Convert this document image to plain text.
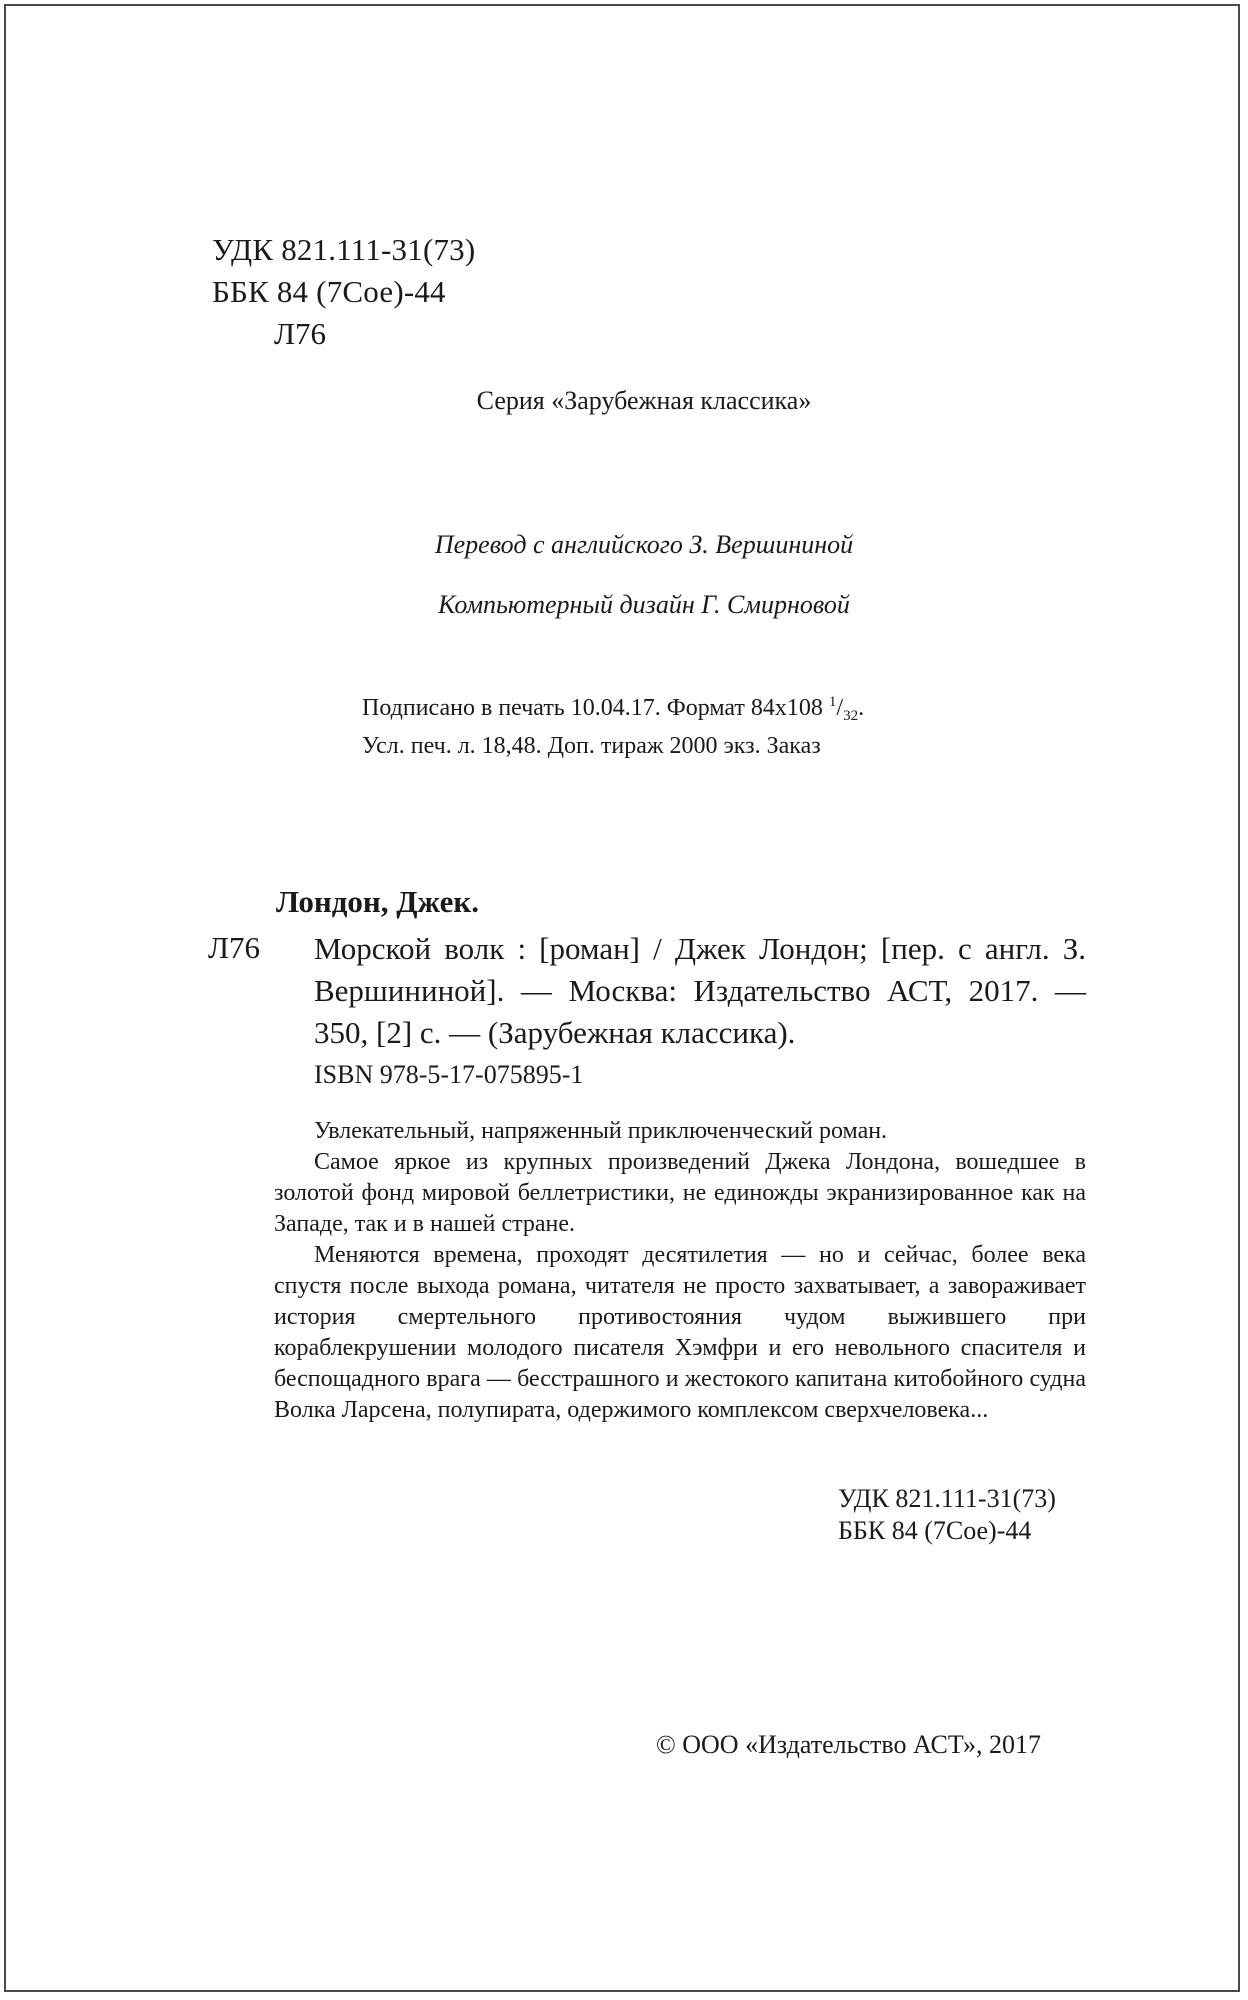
УДК 821.111-31(73)
ББК 84 (7Сое)-44
Л76
Серия «Зарубежная классика»
Перевод с английского З. Вершининой
Компьютерный дизайн Г. Смирновой
Подписано в печать 10.04.17. Формат 84х108 $^1/_{32}$.
Усл. печ. л. 18,48. Доп. тираж 2000 экз. Заказ
Лондон, Джек.
Л76 Морской волк : [роман] / Джек Лондон; [пер. с англ. З. Вершининой]. — Москва: Издательство АСТ, 2017. — 350, [2] с. — (Зарубежная классика).
ISBN 978-5-17-075895-1

Увлекательный, напряженный приключенческий роман.

Самое яркое из крупных произведений Джека Лондона, вошедшее в золотой фонд мировой беллетристики, не единожды экранизированное как на Западе, так и в нашей стране.

Меняются времена, проходят десятилетия — но и сейчас, более века спустя после выхода романа, читателя не просто захватывает, а завораживает история смертельного противостояния чудом выжившего при кораблекрушении молодого писателя Хэмфри и его невольного спасителя и беспощадного врага — бесстрашного и жестокого капитана китобойного судна Волка Ларсена, полупирата, одержимого комплексом сверхчеловека...

УДК 821.111-31(73)
ББК 84 (7Сое)-44
© ООО «Издательство АСТ», 2017
